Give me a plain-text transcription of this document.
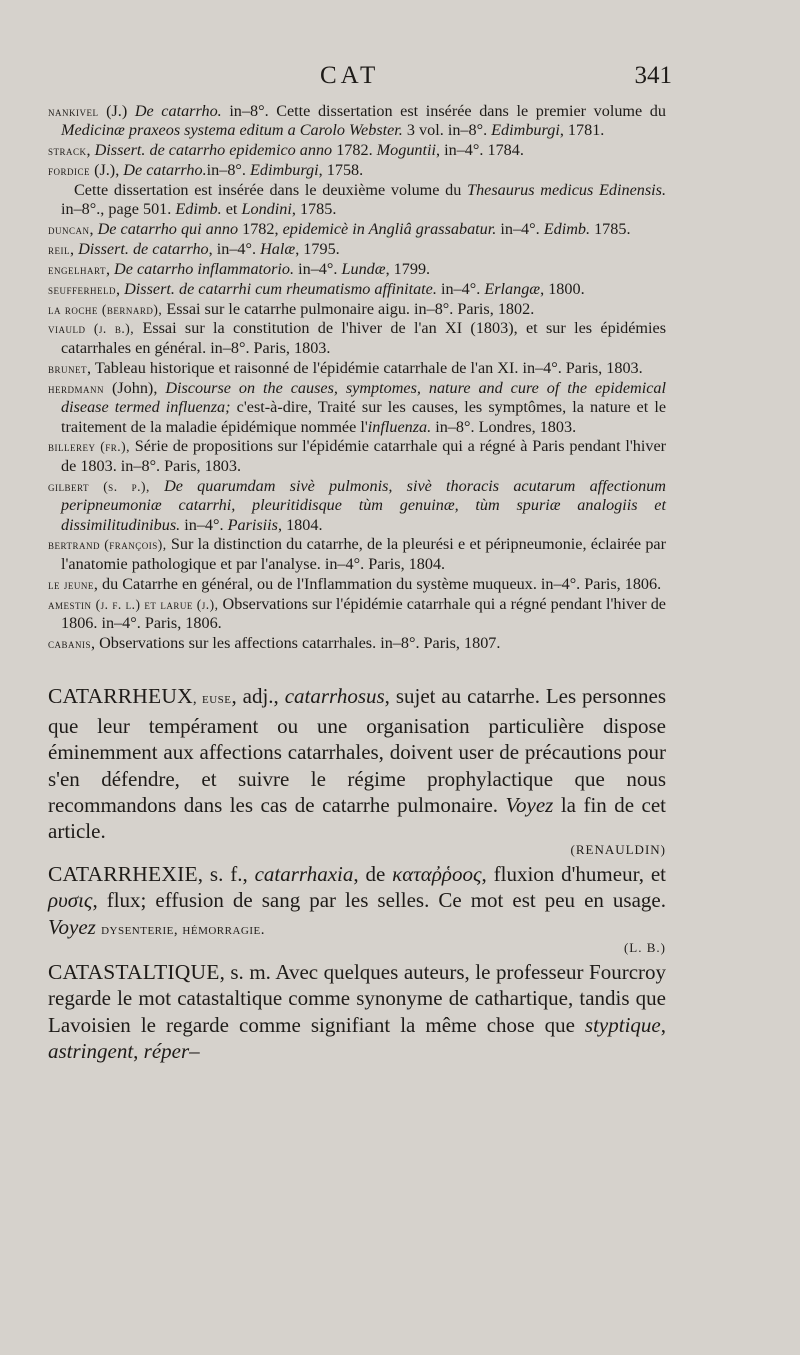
CAT	341

nankivel (J.) De catarrho. in–8°. Cette dissertation est insérée dans le premier volume du Medicinæ praxeos systema editum a Carolo Webster. 3 vol. in–8°. Edimburgi, 1781.

strack, Dissert. de catarrho epidemico anno 1782. Moguntii, in–4°. 1784.

fordice (J.), De catarrho.in–8°. Edimburgi, 1758.
Cette dissertation est insérée dans le deuxième volume du Thesaurus medicus Edinensis. in–8°., page 501. Edimb. et Londini, 1785.

duncan, De catarrho qui anno 1782, epidemicè in Angliâ grassabatur. in–4°. Edimb. 1785.

reil, Dissert. de catarrho, in–4°. Halæ, 1795.

engelhart, De catarrho inflammatorio. in–4°. Lundæ, 1799.

seufferheld, Dissert. de catarrhi cum rheumatismo affinitate. in–4°. Erlangæ, 1800.

la roche (bernard), Essai sur le catarrhe pulmonaire aigu. in–8°. Paris, 1802.

viauld (j. b.), Essai sur la constitution de l'hiver de l'an XI (1803), et sur les épidémies catarrhales en général. in–8°. Paris, 1803.

brunet, Tableau historique et raisonné de l'épidémie catarrhale de l'an XI. in–4°. Paris, 1803.

herdmann (John), Discourse on the causes, symptomes, nature and cure of the epidemical disease termed influenza; c'est-à-dire, Traité sur les causes, les symptômes, la nature et le traitement de la maladie épidémique nommée l'influenza. in–8°. Londres, 1803.

billerey (fr.), Série de propositions sur l'épidémie catarrhale qui a régné à Paris pendant l'hiver de 1803. in–8°. Paris, 1803.

gilbert (s. p.), De quarumdam sivè pulmonis, sivè thoracis acutarum affectionum peripneumoniæ catarrhi, pleuritidisque tùm genuinæ, tùm spuriæ analogiis et dissimilitudinibus. in–4°. Parisiis, 1804.

bertrand (françois), Sur la distinction du catarrhe, de la pleurési e et péripneumonie, éclairée par l'anatomie pathologique et par l'analyse. in–4°. Paris, 1804.

le jeune, du Catarrhe en général, ou de l'Inflammation du système muqueux. in–4°. Paris, 1806.

amestin (j. f. l.) et larue (j.), Observations sur l'épidémie catarrhale qui a régné pendant l'hiver de 1806. in–4°. Paris, 1806.

cabanis, Observations sur les affections catarrhales. in–8°. Paris, 1807.

CATARRHEUX, euse, adj., catarrhosus, sujet au catarrhe. Les personnes que leur tempérament ou une organisation particulière dispose éminemment aux affections catarrhales, doivent user de précautions pour s'en défendre, et suivre le régime prophylactique que nous recommandons dans les cas de catarrhe pulmonaire. Voyez la fin de cet article.

(RENAULDIN)

CATARRHEXIE, s. f., catarrhaxia, de καταῤῥοος, fluxion d'humeur, et ρυσις, flux; effusion de sang par les selles. Ce mot est peu en usage. Voyez dysenterie, hémorragie.

(L. B.)

CATASTALTIQUE, s. m. Avec quelques auteurs, le professeur Fourcroy regarde le mot catastaltique comme synonyme de cathartique, tandis que Lavoisien le regarde comme signifiant la même chose que styptique, astringent, réper–
